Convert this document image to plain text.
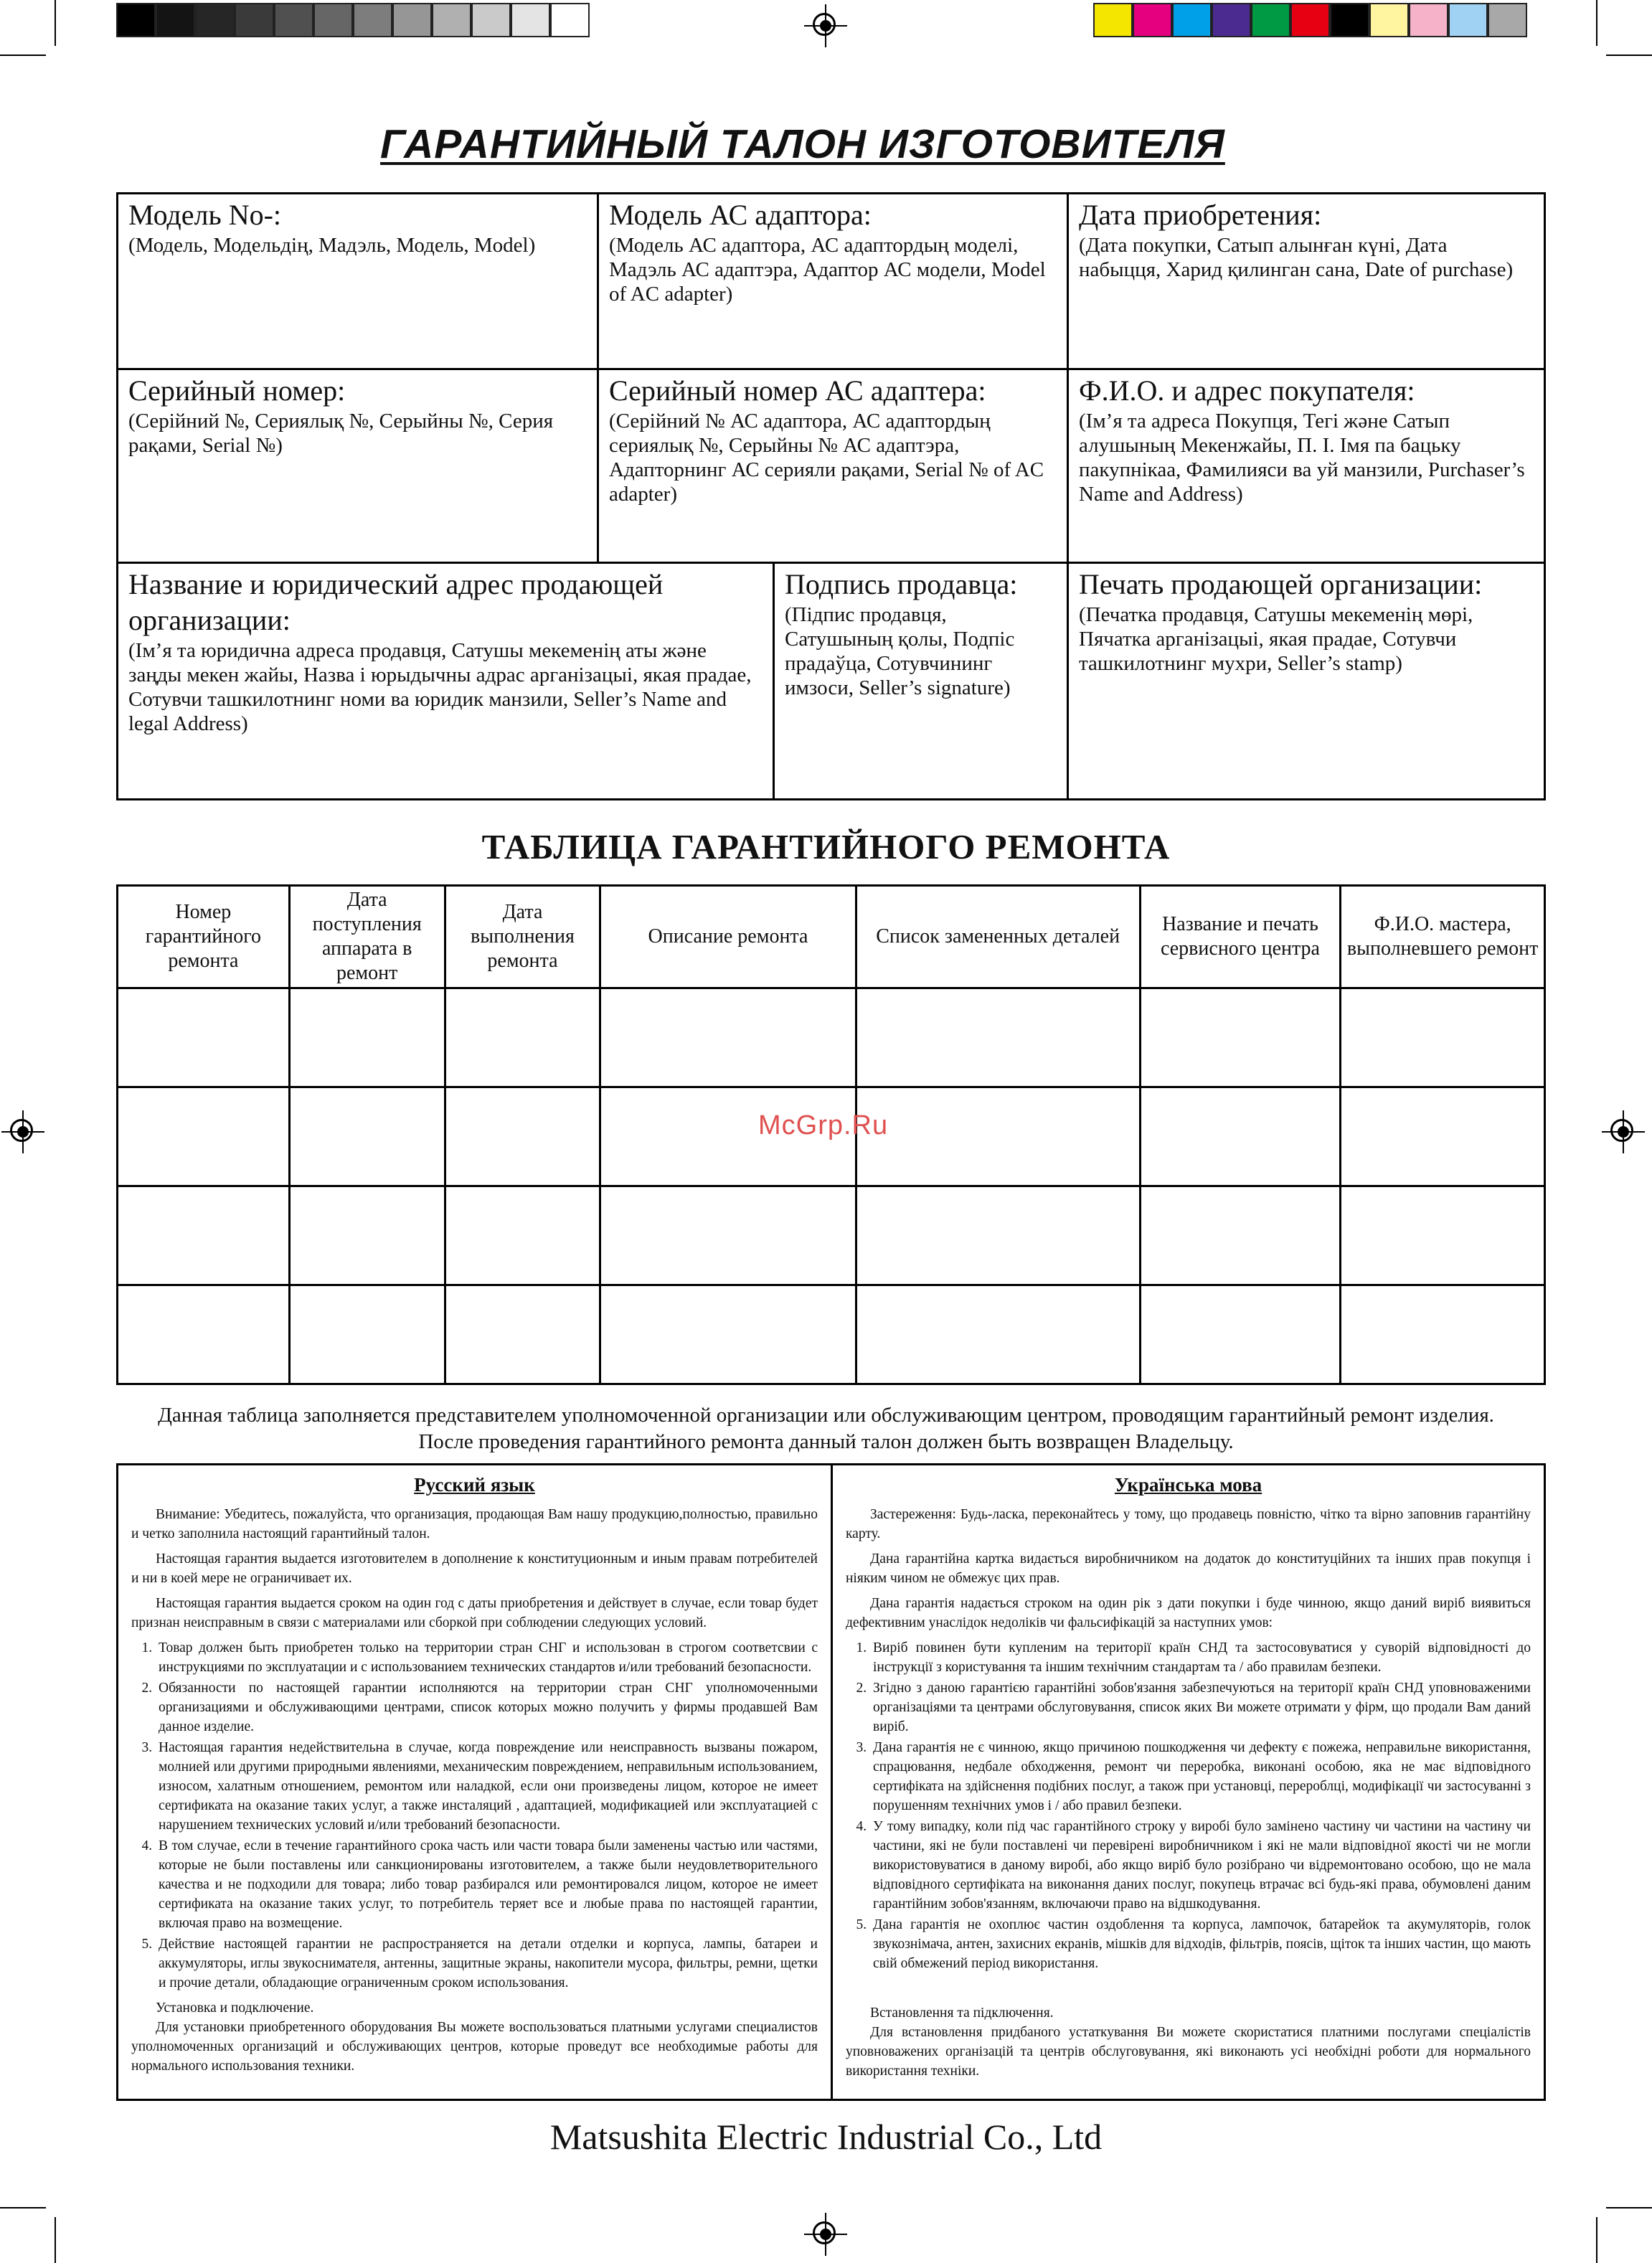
ГАРАНТИЙНЫЙ ТАЛОН ИЗГОТОВИТЕЛЯ
Модель No-:
(Модель, Модельдің, Мадэль, Модель, Model)
Модель АС адаптора:
(Модель АС адаптора, АС адаптордың моделі, Мадэль АС адаптэра, Адаптор АС модели, Model of AC adapter)
Дата приобретения:
(Дата покупки, Сатып алынған күні, Дата набыцця, Харид қилинган сана, Date of purchase)
Серийный номер:
(Серійний №, Сериялық №, Серыйны №, Серия рақами, Serial №)
Серийный номер АС адаптера:
(Серійний № АС адаптора, АС адаптордың сериялық №, Серыйны № АС адаптэра, Адапторнинг АС серияли рақами, Serial № of AC adapter)
Ф.И.О. и адрес покупателя:
(Ім’я та адреса Покупця, Тегі және Сатып алушының Мекенжайы, П. І. Імя па бацьку пакупнікаа, Фамилияси ва уй манзили, Purchaser’s Name and Address)
Название и юридический адрес продающей организации:
(Ім’я та юридична адреса продавця, Сатушы мекеменің аты және заңды мекен жайы, Назва і юрыдычны адрас арганізацыі, якая прадае, Сотувчи ташкилотнинг номи ва юридик манзили, Seller’s Name and legal Address)
Подпись продавца:
(Підпис продавця, Сатушының қолы, Подпіс прадаўца, Сотувчининг имзоси, Seller’s signature)
Печать продающей организации:
(Печатка продавця, Сатушы мекеменің мөрі, Пячатка арганізацыі, якая прадае, Сотувчи ташкилотнинг мухри, Seller’s stamp)
ТАБЛИЦА ГАРАНТИЙНОГО РЕМОНТА
Номер гарантийного ремонта	Дата поступления аппарата в ремонт	Дата выполнения ремонта	Описание ремонта	Список замененных деталей	Название и печать сервисного центра	Ф.И.О. мастера, выполневшего ремонт

McGrp.Ru
Данная таблица заполняется представителем уполномоченной организации или обслуживающим центром, проводящим гарантийный ремонт изделия.
После проведения гарантийного ремонта данный талон должен быть возвращен Владельцу.
Русский язык

Внимание: Убедитесь, пожалуйста, что организация, продающая Вам нашу продукцию,полностью, правильно и четко заполнила настоящий гарантийный талон.

Настоящая гарантия выдается изготовителем в дополнение к конституционным и иным правам потребителей и ни в коей мере не ограничивает их.

Настоящая гарантия выдается сроком на один год с даты приобретения и действует в случае, если товар будет признан неисправным в связи с материалами или сборкой при соблюдении следующих условий.

1. Товар должен быть приобретен только на территории стран СНГ и использован в строгом соответсвии с инструкциями по эксплуатации и с использованием технических стандартов и/или требований безопасности.
2. Обязанности по настоящей гарантии исполняются на территории стран СНГ уполномоченными организациями и обслуживающими центрами, список которых можно получить у фирмы продавшей Вам данное изделие.
3. Настоящая гарантия недействительна в случае, когда повреждение или неисправность вызваны пожаром, молнией или другими природными явлениями, механическим повреждением, неправильным использованием, износом, халатным отношением, ремонтом или наладкой, если они произведены лицом, которое не имеет сертификата на оказание таких услуг, а также инсталяций , адаптацией, модификацией или эксплуатацией с нарушением технических условий и/или требований безопасности.
4. В том случае, если в течение гарантийного срока часть или части товара были заменены частью или частями, которые не были поставлены или санкционированы изготовителем, а также были неудовлетворительного качества и не подходили для товара; либо товар разбирался или ремонтировался лицом, которое не имеет сертификата на оказание таких услуг, то потребитель теряет все и любые права по настоящей гарантии, включая право на возмещение.
5. Действие настоящей гарантии не распространяется на детали отделки и корпуса, лампы, батареи и аккумуляторы, иглы звукоснимателя, антенны, защитные экраны, накопители мусора, фильтры, ремни, щетки и прочие детали, обладающие ограниченным сроком использования.
Установка и подключение.
Для установки приобретенного оборудования Вы можете воспользоваться платными услугами специалистов уполномоченных организаций и обслуживающих центров, которые проведут все необходимые работы для нормального использования техники.
Українська мова

Застереження: Будь-ласка, переконайтесь у тому, що продавець повністю, чітко та вірно заповнив гарантійну карту.

Дана гарантійна картка видається виробничником на додаток до конституційних та інших прав покупця і ніяким чином не обмежує цих прав.

Дана гарантія надається строком на один рік з дати покупки і буде чинною, якщо даний виріб виявиться дефективним унаслідок недоліків чи фальсифікацій за наступних умов:

1. Виріб повинен бути купленим на території країн СНД та застосовуватися у суворій відповідності до інструкції з користування та іншим технічним стандартам та / або правилам безпеки.
2. Згідно з даною гарантією гарантійні зобов'язання забезпечуються на території країн СНД уповноваженими організаціями та центрами обслуговування, список яких Ви можете отримати у фірм, що продали Вам даний виріб.
3. Дана гарантія не є чинною, якщо причиною пошкодження чи дефекту є пожежа, неправильне використання, спрацювання, недбале обходження, ремонт чи переробка, виконані особою, яка не має відповідного сертифіката на здійснення подібних послуг, а також при установці, перероблці, модифікації чи застосуванні з порушенням технічних умов і / або правил безпеки.
4. У тому випадку, коли під час гарантійного строку у виробі було замінено частину чи частини на частину чи частини, які не були поставлені чи перевірені виробничником і які не мали відповідної якості чи не могли використовуватися в даному виробі, або якщо виріб було розібрано чи відремонтовано особою, що не мала відповідного сертифіката на виконання даних послуг, покупець втрачає всі будь-які права, обумовлені даним гарантійним зобов'язанням, включаючи право на відшкодування.
5. Дана гарантія не охоплює частин оздоблення та корпуса, лампочок, батарейок та акумуляторів, голок звукознімача, антен, захисних екранів, мішків для відходів, фільтрів, поясів, щіток та інших частин, що мають свій обмежений період використання.
Встановлення та підключення.
Для встановлення придбаного устаткування Ви можете скористатися платними послугами спеціалістів уповноважених організацій та центрів обслуговування, які виконають усі необхідні роботи для нормального використання техніки.
Matsushita Electric Industrial Co., Ltd
